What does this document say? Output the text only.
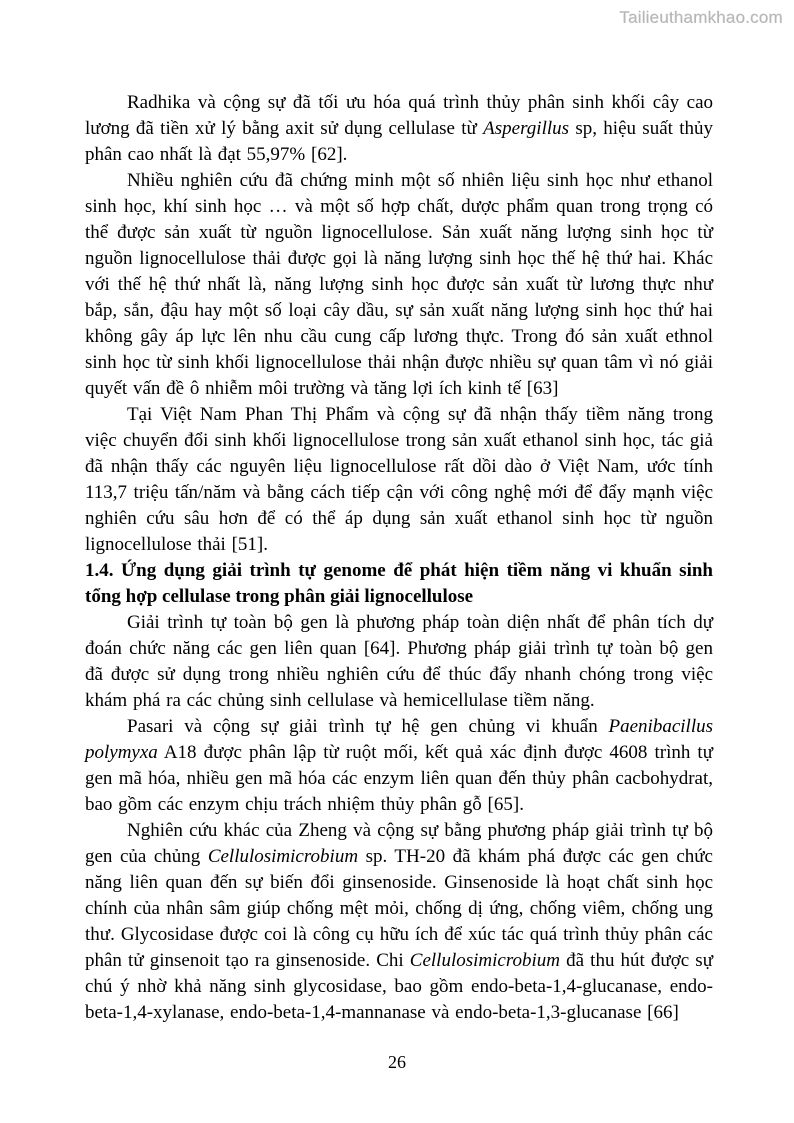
Tailieuthamkhao.com

Radhika và cộng sự đã tối ưu hóa quá trình thủy phân sinh khối cây cao lương đã tiền xử lý bằng axit sử dụng cellulase từ Aspergillus sp, hiệu suất thủy phân cao nhất là đạt 55,97% [62].

Nhiều nghiên cứu đã chứng minh một số nhiên liệu sinh học như ethanol sinh học, khí sinh học … và một số hợp chất, dược phẩm quan trong trọng có thể được sản xuất từ nguồn lignocellulose. Sản xuất năng lượng sinh học từ nguồn lignocellulose thải được gọi là năng lượng sinh học thế hệ thứ hai. Khác với thế hệ thứ nhất là, năng lượng sinh học được sản xuất từ lương thực như bắp, sắn, đậu hay một số loại cây dầu, sự sản xuất năng lượng sinh học thứ hai không gây áp lực lên nhu cầu cung cấp lương thực. Trong đó sản xuất ethnol sinh học từ sinh khối lignocellulose thải nhận được nhiều sự quan tâm vì nó giải quyết vấn đề ô nhiễm môi trường và tăng lợi ích kinh tế [63]

Tại Việt Nam Phan Thị Phẩm và cộng sự đã nhận thấy tiềm năng trong việc chuyển đổi sinh khối lignocellulose trong sản xuất ethanol sinh học, tác giả đã nhận thấy các nguyên liệu lignocellulose rất dồi dào ở Việt Nam, ước tính 113,7 triệu tấn/năm và bằng cách tiếp cận với công nghệ mới để đẩy mạnh việc nghiên cứu sâu hơn để có thể áp dụng sản xuất ethanol sinh học từ nguồn lignocellulose thải [51].

1.4. Ứng dụng giải trình tự genome để phát hiện tiềm năng vi khuẩn sinh tổng hợp cellulase trong phân giải lignocellulose

Giải trình tự toàn bộ gen là phương pháp toàn diện nhất để phân tích dự đoán chức năng các gen liên quan [64]. Phương pháp giải trình tự toàn bộ gen đã được sử dụng trong nhiều nghiên cứu để thúc đẩy nhanh chóng trong việc khám phá ra các chủng sinh cellulase và hemicellulase tiềm năng.

Pasari và cộng sự giải trình tự hệ gen chủng vi khuẩn Paenibacillus polymyxa A18 được phân lập từ ruột mối, kết quả xác định được 4608 trình tự gen mã hóa, nhiều gen mã hóa các enzym liên quan đến thủy phân cacbohydrat, bao gồm các enzym chịu trách nhiệm thủy phân gỗ [65].

Nghiên cứu khác của Zheng và cộng sự bằng phương pháp giải trình tự bộ gen của chủng Cellulosimicrobium sp. TH-20 đã khám phá được các gen chức năng liên quan đến sự biến đổi ginsenoside. Ginsenoside là hoạt chất sinh học chính của nhân sâm giúp chống mệt mỏi, chống dị ứng, chống viêm, chống ung thư. Glycosidase được coi là công cụ hữu ích để xúc tác quá trình thủy phân các phân tử ginsenoit tạo ra ginsenoside. Chi Cellulosimicrobium đã thu hút được sự chú ý nhờ khả năng sinh glycosidase, bao gồm endo-beta-1,4-glucanase, endo-beta-1,4-xylanase, endo-beta-1,4-mannanase và endo-beta-1,3-glucanase [66]

26
